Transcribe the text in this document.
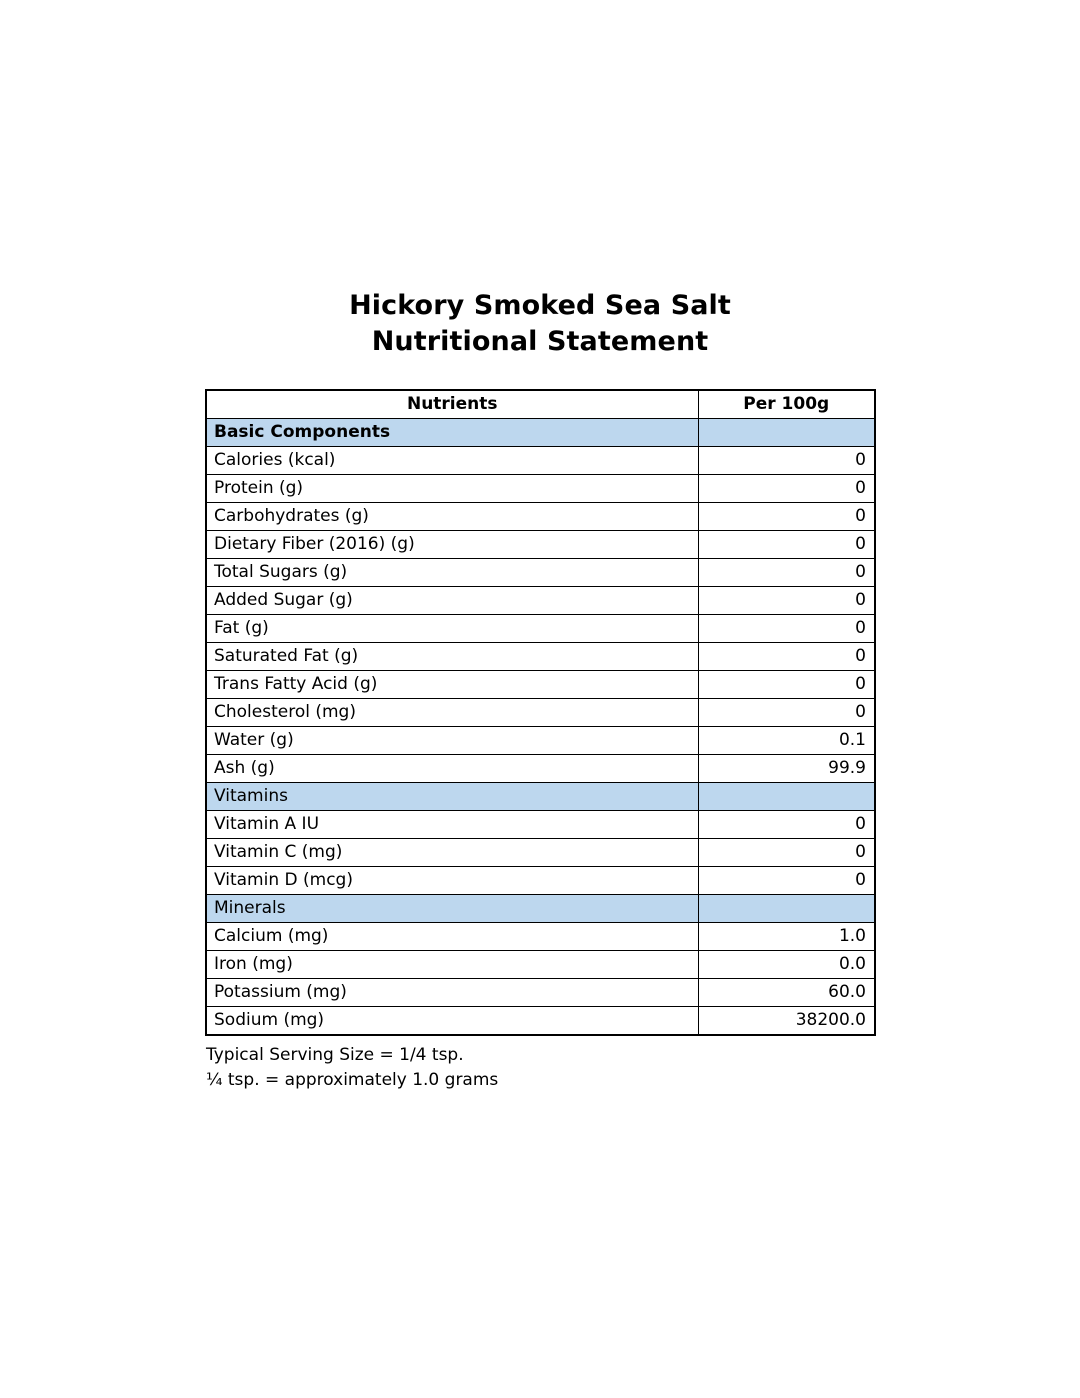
Hickory Smoked Sea Salt
Nutritional Statement
Nutrients	Per 100g
Basic Components	
Calories (kcal)	0
Protein (g)	0
Carbohydrates (g)	0
Dietary Fiber (2016) (g)	0
Total Sugars (g)	0
Added Sugar (g)	0
Fat (g)	0
Saturated Fat (g)	0
Trans Fatty Acid (g)	0
Cholesterol (mg)	0
Water (g)	0.1
Ash (g)	99.9
Vitamins	
Vitamin A IU	0
Vitamin C (mg)	0
Vitamin D (mcg)	0
Minerals	
Calcium (mg)	1.0
Iron (mg)	0.0
Potassium (mg)	60.0
Sodium (mg)	38200.0
Typical Serving Size = 1/4 tsp.
¼ tsp. = approximately 1.0 grams
